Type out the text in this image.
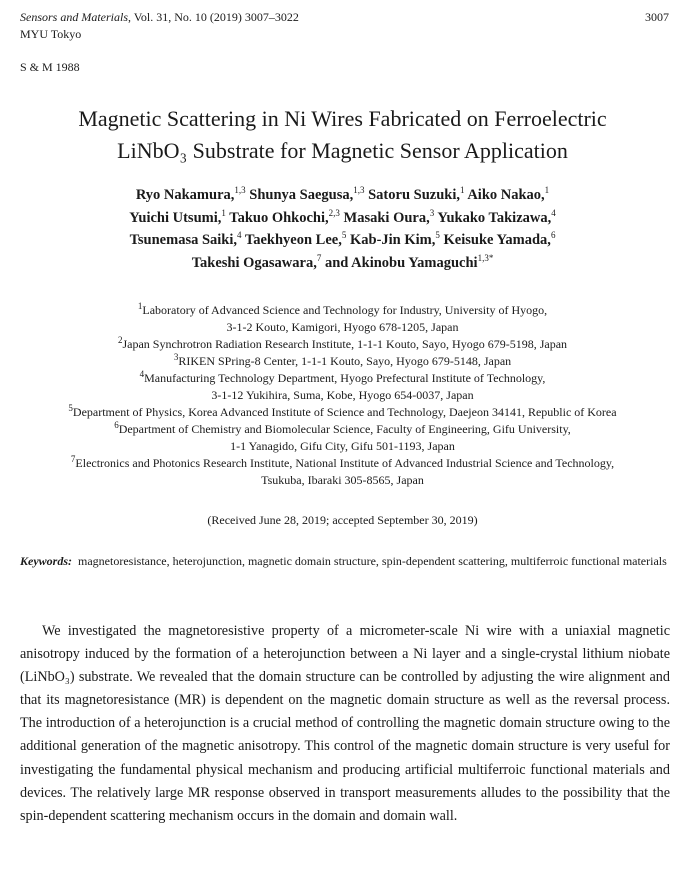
Sensors and Materials, Vol. 31, No. 10 (2019) 3007–3022
MYU Tokyo
3007
S & M 1988
Magnetic Scattering in Ni Wires Fabricated on Ferroelectric
LiNbO₃ Substrate for Magnetic Sensor Application
Ryo Nakamura,$^{1,3}$ Shunya Saegusa,$^{1,3}$ Satoru Suzuki,$^1$ Aiko Nakao,$^1$
Yuichi Utsumi,$^1$ Takuo Ohkochi,$^{2,3}$ Masaki Oura,$^3$ Yukako Takizawa,$^4$
Tsunemasa Saiki,$^4$ Taekhyeon Lee,$^5$ Kab-Jin Kim,$^5$ Keisuke Yamada,$^6$
Takeshi Ogasawara,$^7$ and Akinobu Yamaguchi$^{1,3*}$
$^1$Laboratory of Advanced Science and Technology for Industry, University of Hyogo,
3-1-2 Kouto, Kamigori, Hyogo 678-1205, Japan
$^2$Japan Synchrotron Radiation Research Institute, 1-1-1 Kouto, Sayo, Hyogo 679-5198, Japan
$^3$RIKEN SPring-8 Center, 1-1-1 Kouto, Sayo, Hyogo 679-5148, Japan
$^4$Manufacturing Technology Department, Hyogo Prefectural Institute of Technology,
3-1-12 Yukihira, Suma, Kobe, Hyogo 654-0037, Japan
$^5$Department of Physics, Korea Advanced Institute of Science and Technology, Daejeon 34141, Republic of Korea
$^6$Department of Chemistry and Biomolecular Science, Faculty of Engineering, Gifu University,
1-1 Yanagido, Gifu City, Gifu 501-1193, Japan
$^7$Electronics and Photonics Research Institute, National Institute of Advanced Industrial Science and Technology,
Tsukuba, Ibaraki 305-8565, Japan
(Received June 28, 2019; accepted September 30, 2019)
Keywords: magnetoresistance, heterojunction, magnetic domain structure, spin-dependent scattering, multiferroic functional materials

We investigated the magnetoresistive property of a micrometer-scale Ni wire with a uniaxial magnetic anisotropy induced by the formation of a heterojunction between a Ni layer and a single-crystal lithium niobate (LiNbO₃) substrate. We revealed that the domain structure can be controlled by adjusting the wire alignment and that its magnetoresistance (MR) is dependent on the magnetic domain structure as well as the reversal process. The introduction of a heterojunction is a crucial method of controlling the magnetic domain structure owing to the additional generation of the magnetic anisotropy. This control of the magnetic domain structure is very useful for investigating the fundamental physical mechanism and producing artificial multiferroic functional materials and devices. The relatively large MR response observed in transport measurements alludes to the possibility that the spin-dependent scattering mechanism occurs in the domain and domain wall.
